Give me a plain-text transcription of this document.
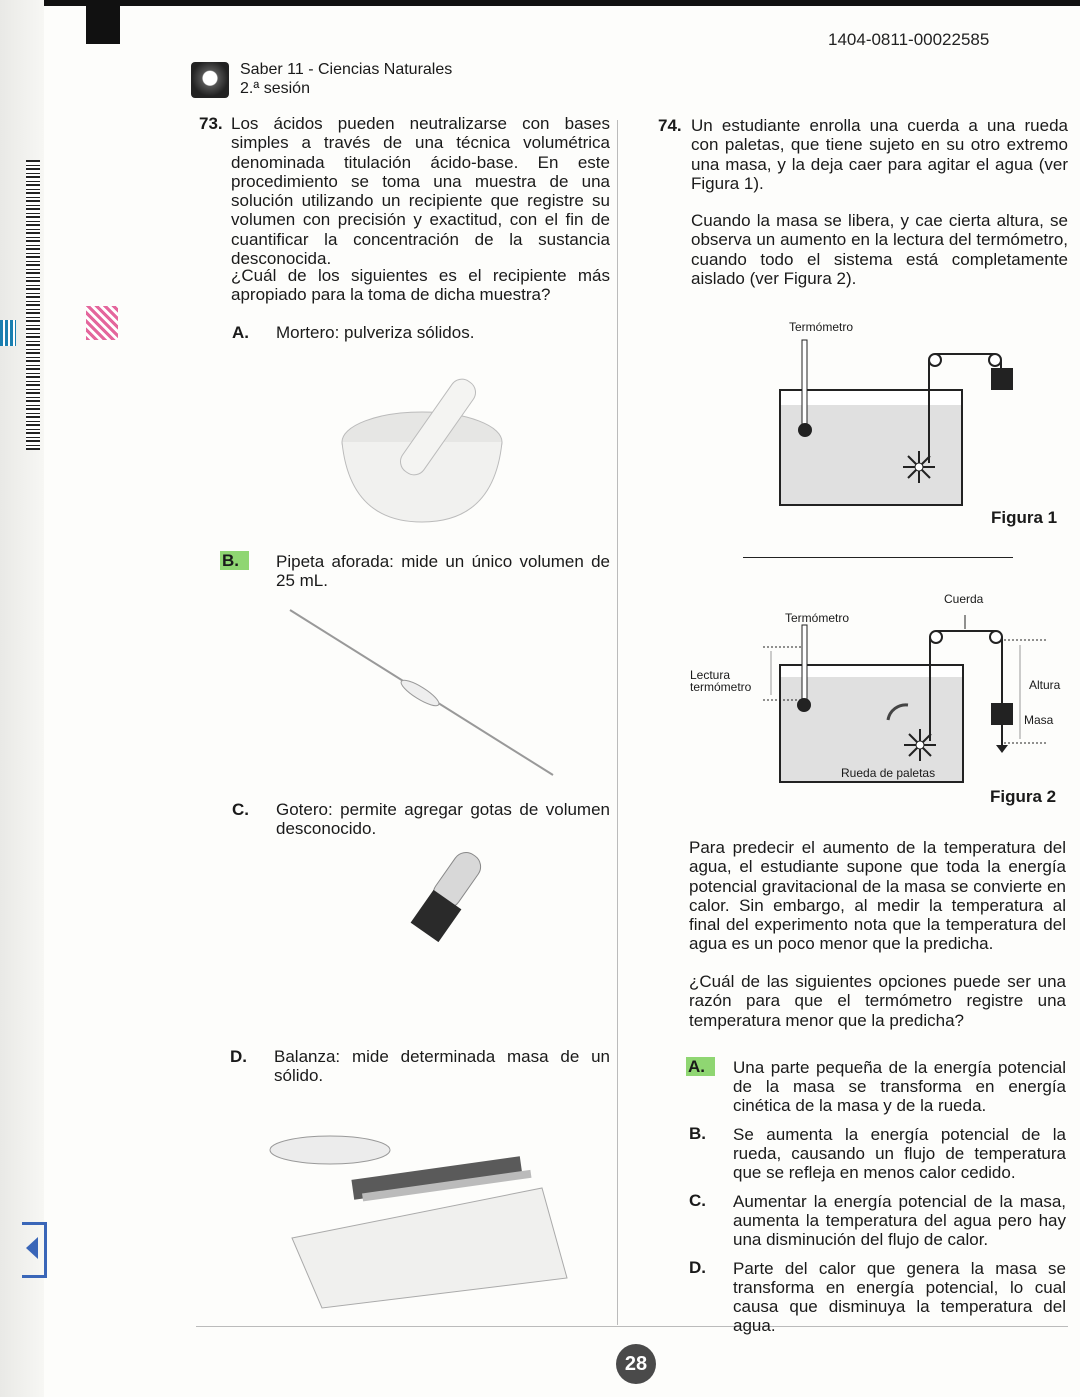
1404-0811-00022585
Saber 11 - Ciencias Naturales
2.ª sesión
73. Los ácidos pueden neutralizarse con bases simples a través de una técnica volumétrica denominada titulación ácido-base. En este procedimiento se toma una muestra de una solución utilizando un recipiente que registre su volumen con precisión y exactitud, con el fin de cuantificar la concentración de la sustancia desconocida.
¿Cuál de los siguientes es el recipiente más apropiado para la toma de dicha muestra?
A. Mortero: pulveriza sólidos.
B.	Pipeta aforada: mide un único volumen de 25 mL.
C. Gotero: permite agregar gotas de volumen desconocido.
D. Balanza: mide determinada masa de un sólido.
74. Un estudiante enrolla una cuerda a una rueda con paletas, que tiene sujeto en su otro extremo una masa, y la deja caer para agitar el agua (ver Figura 1).
Cuando la masa se libera, y cae cierta altura, se observa un aumento en la lectura del termómetro, cuando todo el sistema está completamente aislado (ver Figura 2).
Termómetro
Figura 1
Cuerda
Termómetro
Lectura
termómetro	Altura
Masa
Rueda de paletas
Figura 2
Para predecir el aumento de la temperatura del agua, el estudiante supone que toda la energía potencial gravitacional de la masa se convierte en calor. Sin embargo, al medir la temperatura al final del experimento nota que la temperatura del agua es un poco menor que la predicha.
¿Cuál de las siguientes opciones puede ser una razón para que el termómetro registre una temperatura menor que la predicha?
A.	Una parte pequeña de la energía potencial de la masa se transforma en energía cinética de la masa y de la rueda.
B. Se aumenta la energía potencial de la rueda, causando un flujo de temperatura que se refleja en menos calor cedido.
C. Aumentar la energía potencial de la masa, aumenta la temperatura del agua pero hay una disminución del flujo de calor.
D. Parte del calor que genera la masa se transforma en energía potencial, lo cual causa que disminuya la temperatura del agua.
28
